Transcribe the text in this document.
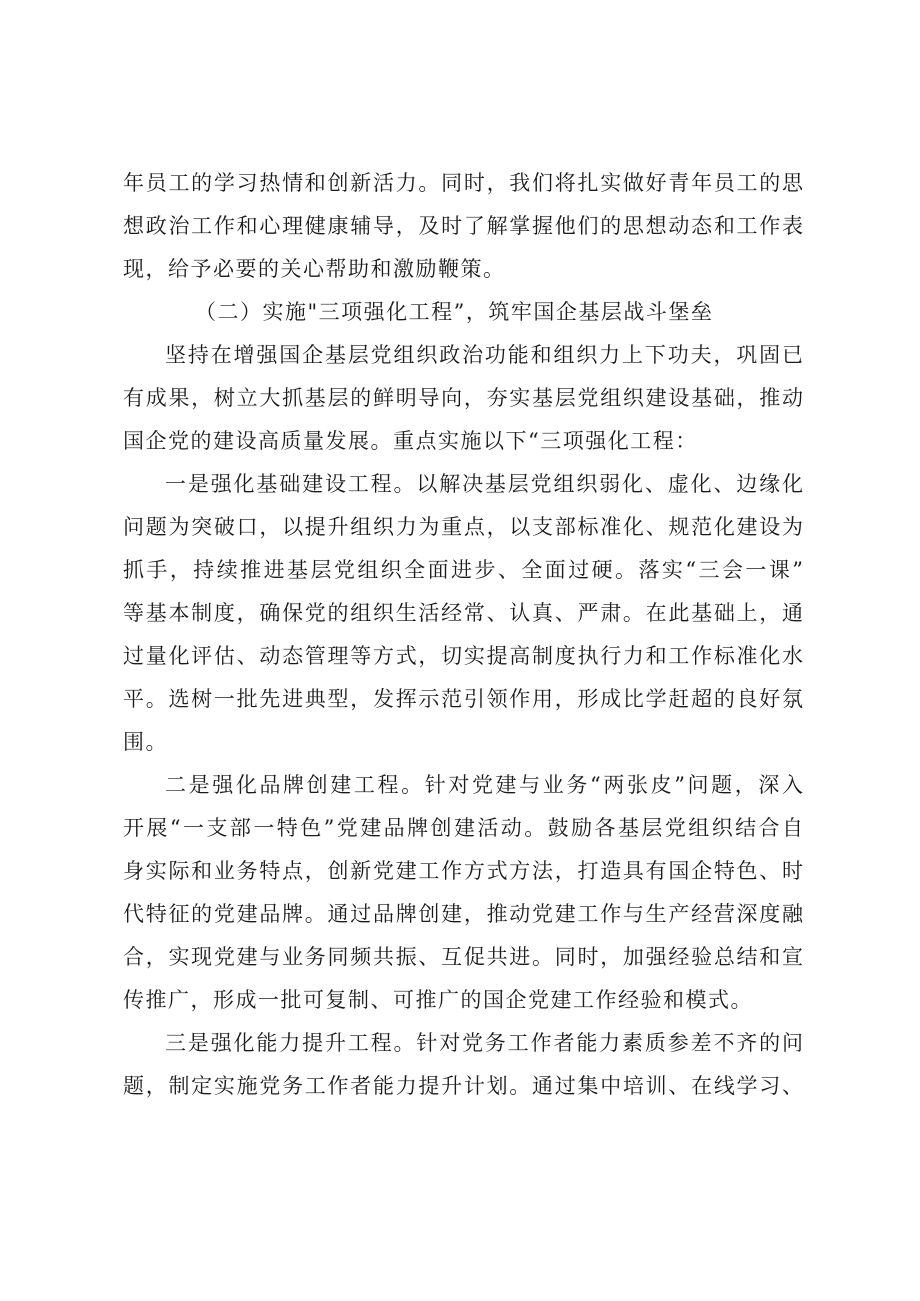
年员工的学习热情和创新活力。同时，我们将扎实做好青年员工的思
想政治工作和心理健康辅导，及时了解掌握他们的思想动态和工作表
现，给予必要的关心帮助和激励鞭策。
（二）实施"三项强化工程”，筑牢国企基层战斗堡垒
坚持在增强国企基层党组织政治功能和组织力上下功夫，巩固已
有成果，树立大抓基层的鲜明导向，夯实基层党组织建设基础，推动
国企党的建设高质量发展。重点实施以下“三项强化工程：
一是强化基础建设工程。以解决基层党组织弱化、虚化、边缘化
问题为突破口，以提升组织力为重点，以支部标准化、规范化建设为
抓手，持续推进基层党组织全面进步、全面过硬。落实“三会一课”
等基本制度，确保党的组织生活经常、认真、严肃。在此基础上，通
过量化评估、动态管理等方式，切实提高制度执行力和工作标准化水
平。选树一批先进典型，发挥示范引领作用，形成比学赶超的良好氛
围。
二是强化品牌创建工程。针对党建与业务“两张皮”问题，深入
开展“一支部一特色”党建品牌创建活动。鼓励各基层党组织结合自
身实际和业务特点，创新党建工作方式方法，打造具有国企特色、时
代特征的党建品牌。通过品牌创建，推动党建工作与生产经营深度融
合，实现党建与业务同频共振、互促共进。同时，加强经验总结和宣
传推广，形成一批可复制、可推广的国企党建工作经验和模式。
三是强化能力提升工程。针对党务工作者能力素质参差不齐的问
题，制定实施党务工作者能力提升计划。通过集中培训、在线学习、
